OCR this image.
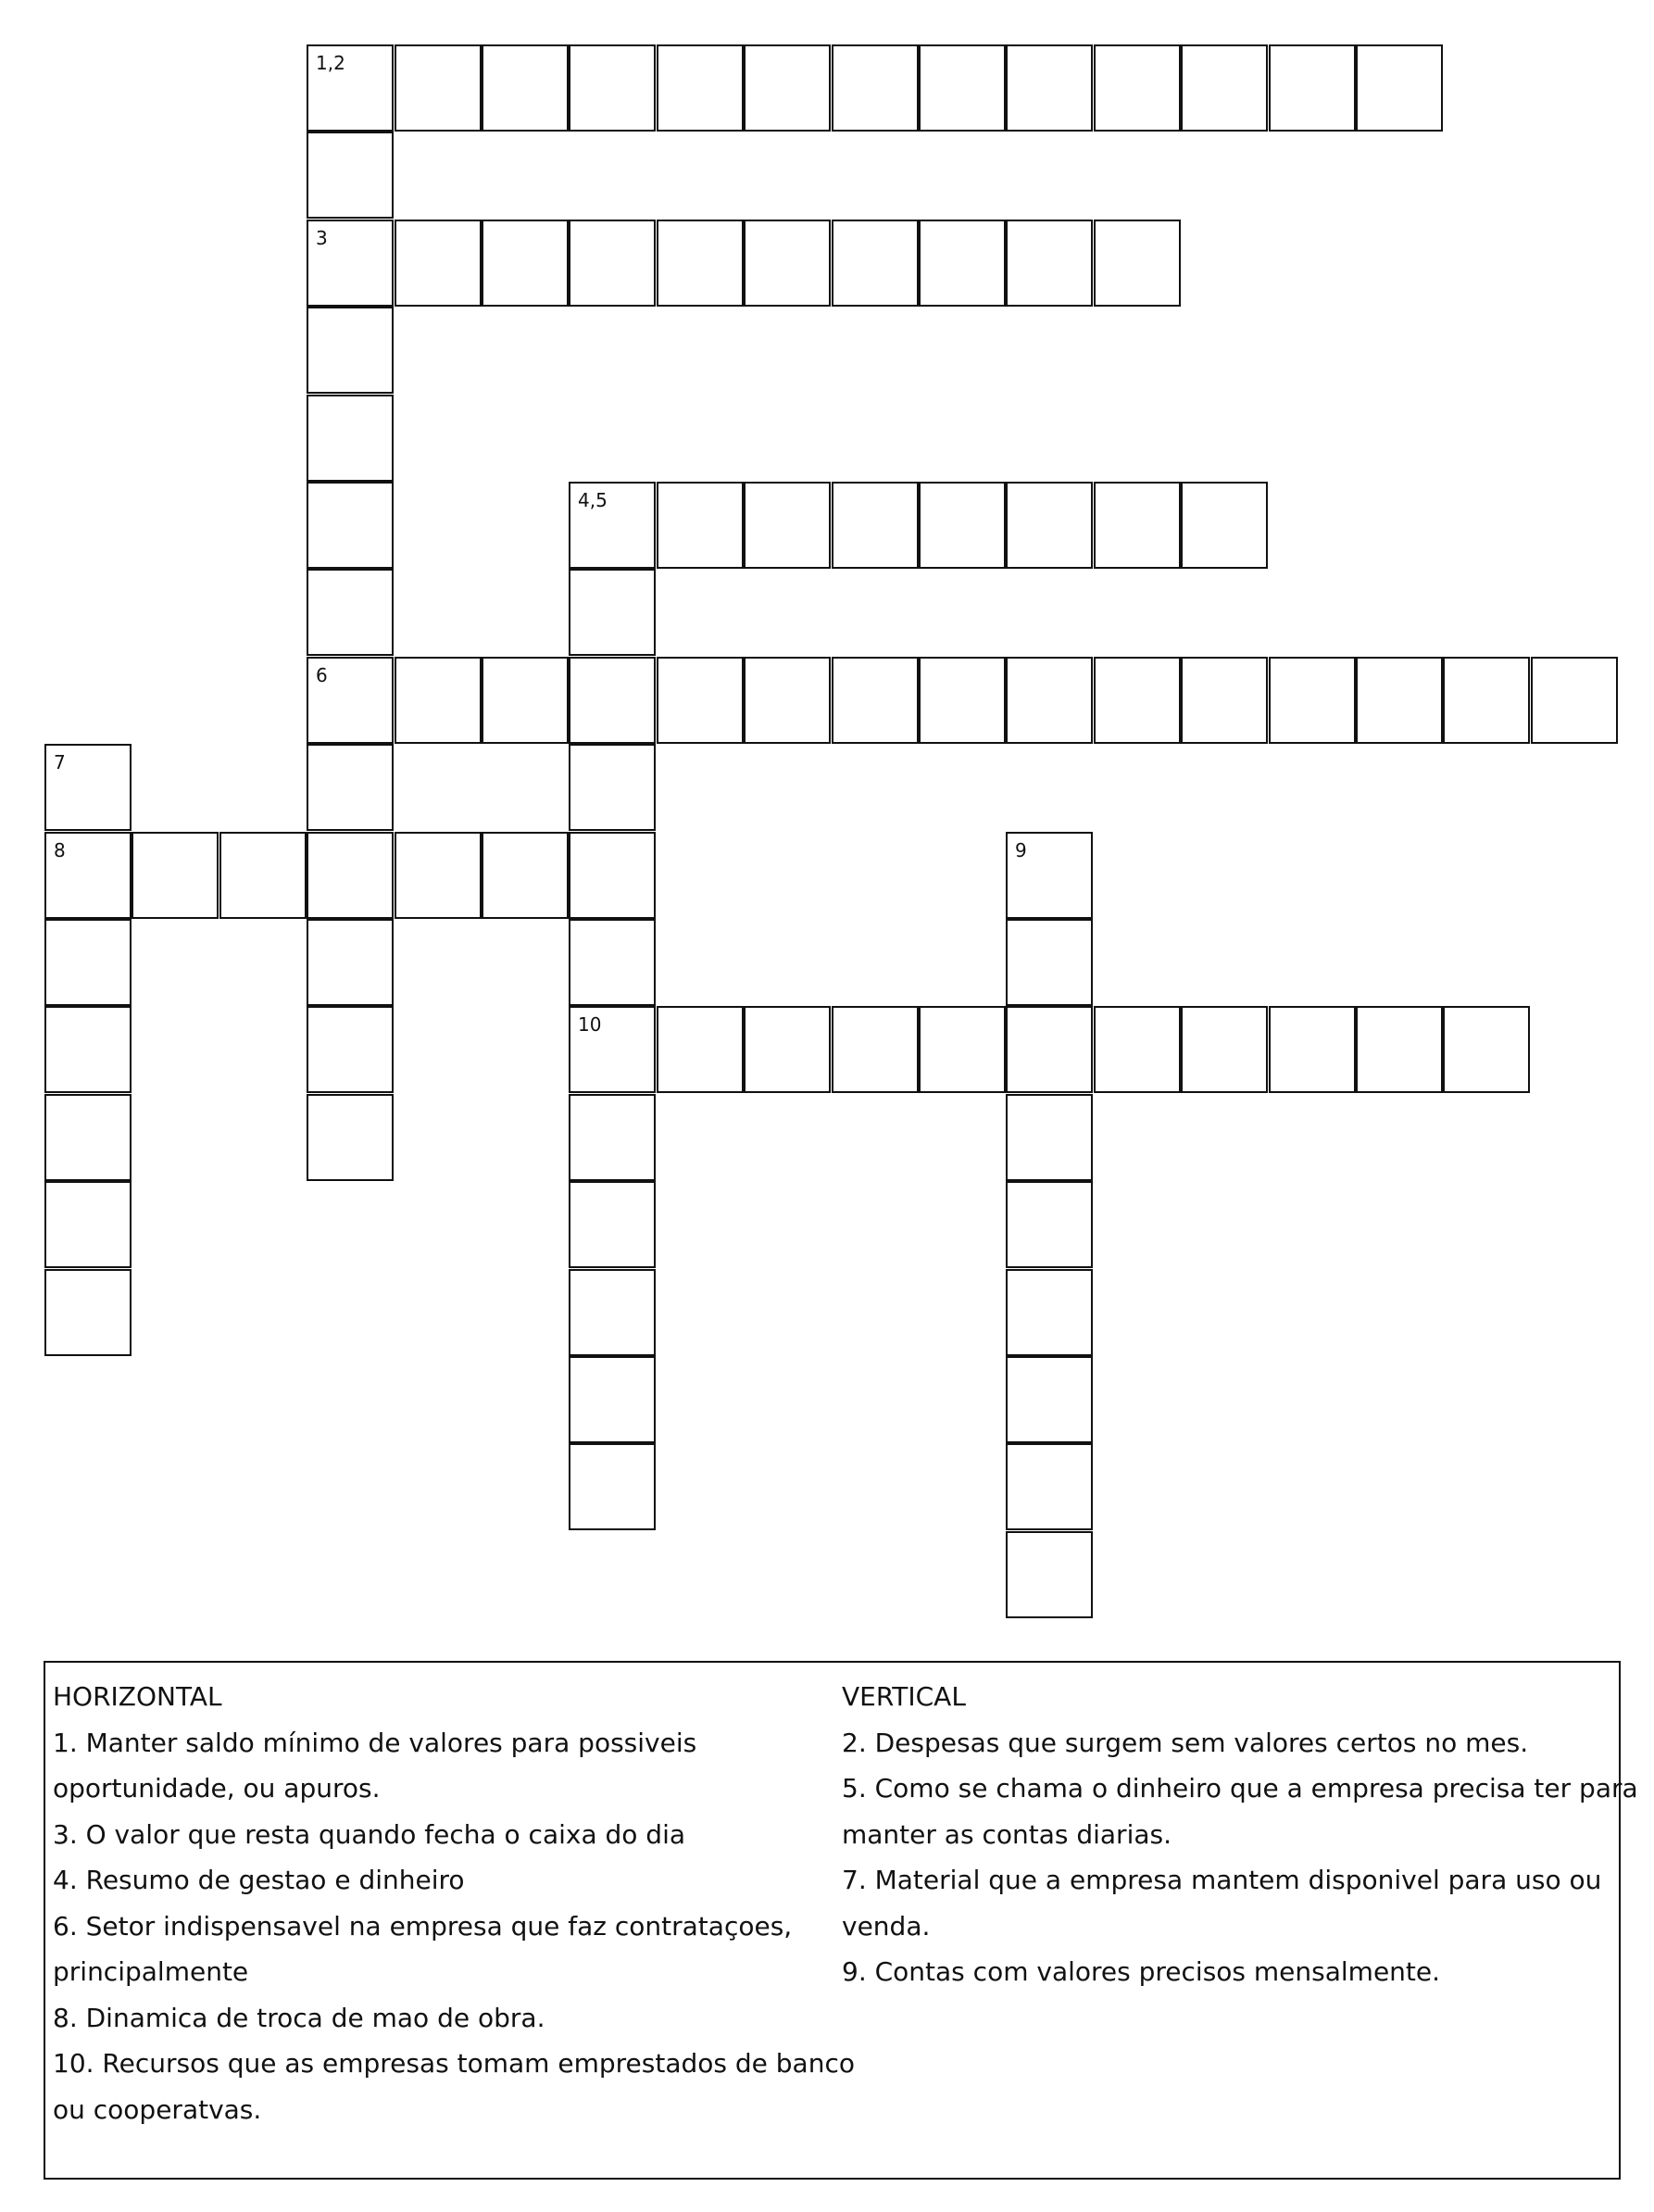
1,2
3
4,5
6
7
8	9
10
HORIZONTAL
1. Manter saldo mínimo de valores para possiveis
oportunidade, ou apuros.
3. O valor que resta quando fecha o caixa do dia
4. Resumo de gestao e dinheiro
6. Setor indispensavel na empresa que faz contrataçoes,
principalmente
8. Dinamica de troca de mao de obra.
10. Recursos que as empresas tomam emprestados de banco
ou cooperatvas.
VERTICAL
2. Despesas que surgem sem valores certos no mes.
5. Como se chama o dinheiro que a empresa precisa ter para
manter as contas diarias.
7. Material que a empresa mantem disponivel para uso ou
venda.
9. Contas com valores precisos mensalmente.
